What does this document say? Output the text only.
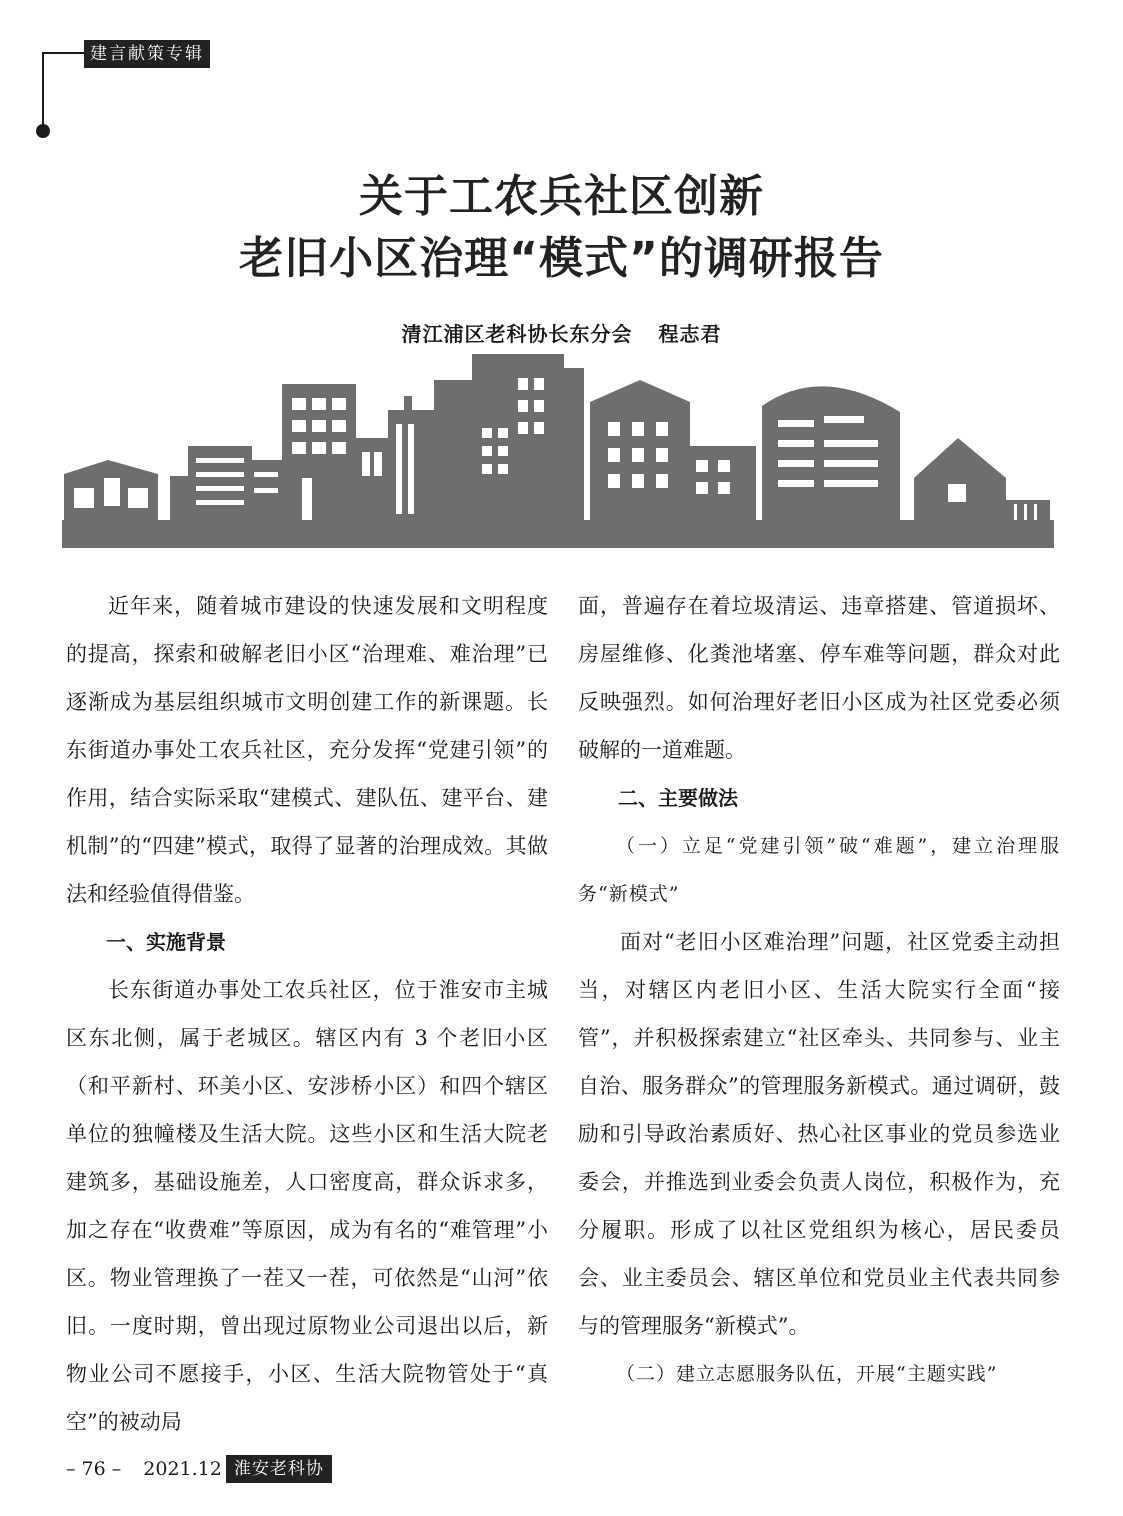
建言献策专辑
关于工农兵社区创新
老旧小区治理“模式”的调研报告
清江浦区老科协长东分会 程志君

近年来，随着城市建设的快速发展和文明程度的提高，探索和破解老旧小区“治理难、难治理”已逐渐成为基层组织城市文明创建工作的新课题。长东街道办事处工农兵社区，充分发挥“党建引领”的作用，结合实际采取“建模式、建队伍、建平台、建机制”的“四建”模式，取得了显著的治理成效。其做法和经验值得借鉴。

一、实施背景

长东街道办事处工农兵社区，位于淮安市主城区东北侧，属于老城区。辖区内有 3 个老旧小区（和平新村、环美小区、安涉桥小区）和四个辖区单位的独幢楼及生活大院。这些小区和生活大院老建筑多，基础设施差，人口密度高，群众诉求多，加之存在“收费难”等原因，成为有名的“难管理”小区。物业管理换了一茬又一茬，可依然是“山河”依旧。一度时期，曾出现过原物业公司退出以后，新物业公司不愿接手，小区、生活大院物管处于“真空”的被动局

面，普遍存在着垃圾清运、违章搭建、管道损坏、房屋维修、化粪池堵塞、停车难等问题，群众对此反映强烈。如何治理好老旧小区成为社区党委必须破解的一道难题。

二、主要做法

（一）立足“党建引领”破“难题”，建立治理服务“新模式”

面对“老旧小区难治理”问题，社区党委主动担当，对辖区内老旧小区、生活大院实行全面“接管”，并积极探索建立“社区牵头、共同参与、业主自治、服务群众”的管理服务新模式。通过调研，鼓励和引导政治素质好、热心社区事业的党员参选业委会，并推选到业委会负责人岗位，积极作为，充分履职。形成了以社区党组织为核心，居民委员会、业主委员会、辖区单位和党员业主代表共同参与的管理服务“新模式”。

（二）建立志愿服务队伍，开展“主题实践”

– 76 – 2021.12 淮安老科协
